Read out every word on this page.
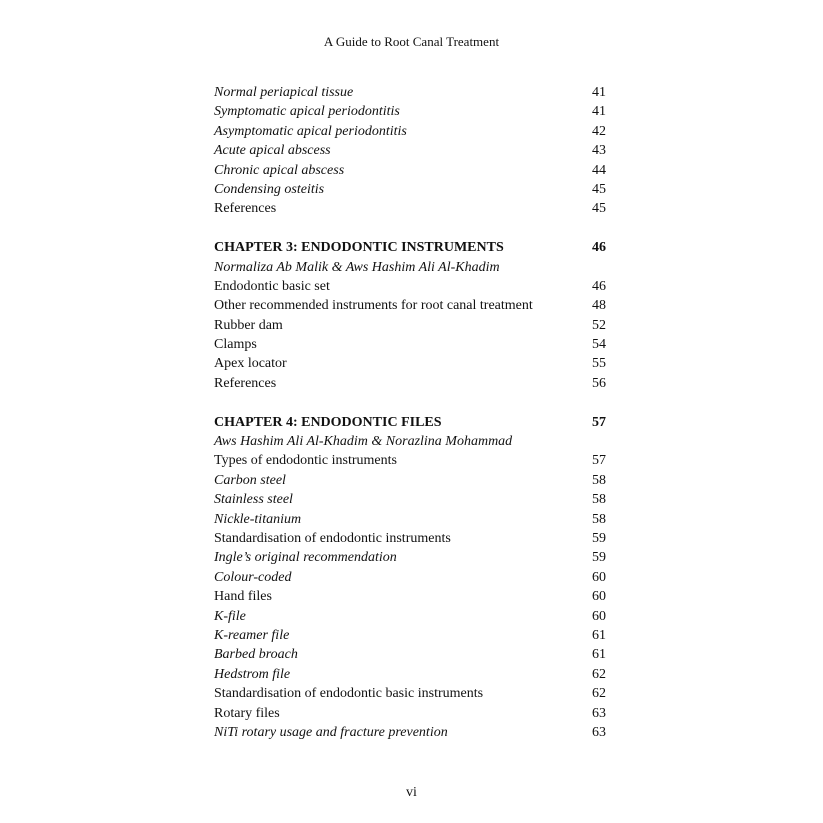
A Guide to Root Canal Treatment
Normal periapical tissue	41
Symptomatic apical periodontitis	41
Asymptomatic apical periodontitis	42
Acute apical abscess	43
Chronic apical abscess	44
Condensing osteitis	45
References	45
CHAPTER 3: ENDODONTIC INSTRUMENTS	46
Normaliza Ab Malik & Aws Hashim Ali Al-Khadim
Endodontic basic set	46
Other recommended instruments for root canal treatment	48
Rubber dam	52
Clamps	54
Apex locator	55
References	56
CHAPTER 4: ENDODONTIC FILES	57
Aws Hashim Ali Al-Khadim & Norazlina Mohammad
Types of endodontic instruments	57
Carbon steel	58
Stainless steel	58
Nickle-titanium	58
Standardisation of endodontic instruments	59
Ingle’s original recommendation	59
Colour-coded	60
Hand files	60
K-file	60
K-reamer file	61
Barbed broach	61
Hedstrom file	62
Standardisation of endodontic basic instruments	62
Rotary files	63
NiTi rotary usage and fracture prevention	63
vi
